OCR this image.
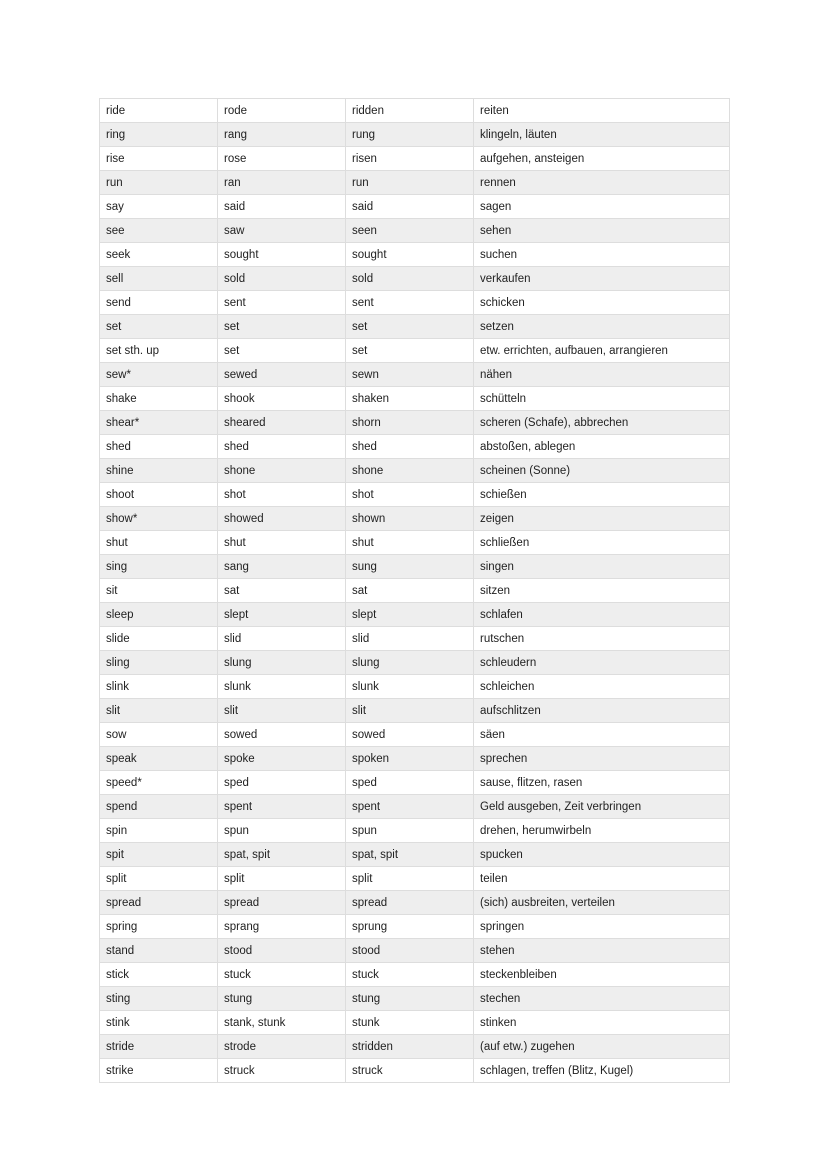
ride	rode	ridden	reiten
ring	rang	rung	klingeln, läuten
rise	rose	risen	aufgehen, ansteigen
run	ran	run	rennen
say	said	said	sagen
see	saw	seen	sehen
seek	sought	sought	suchen
sell	sold	sold	verkaufen
send	sent	sent	schicken
set	set	set	setzen
set sth. up	set	set	etw. errichten, aufbauen, arrangieren
sew*	sewed	sewn	nähen
shake	shook	shaken	schütteln
shear*	sheared	shorn	scheren (Schafe), abbrechen
shed	shed	shed	abstoßen, ablegen
shine	shone	shone	scheinen (Sonne)
shoot	shot	shot	schießen
show*	showed	shown	zeigen
shut	shut	shut	schließen
sing	sang	sung	singen
sit	sat	sat	sitzen
sleep	slept	slept	schlafen
slide	slid	slid	rutschen
sling	slung	slung	schleudern
slink	slunk	slunk	schleichen
slit	slit	slit	aufschlitzen
sow	sowed	sowed	säen
speak	spoke	spoken	sprechen
speed*	sped	sped	sause, flitzen, rasen
spend	spent	spent	Geld ausgeben, Zeit verbringen
spin	spun	spun	drehen, herumwirbeln
spit	spat, spit	spat, spit	spucken
split	split	split	teilen
spread	spread	spread	(sich) ausbreiten, verteilen
spring	sprang	sprung	springen
stand	stood	stood	stehen
stick	stuck	stuck	steckenbleiben
sting	stung	stung	stechen
stink	stank, stunk	stunk	stinken
stride	strode	stridden	(auf etw.) zugehen
strike	struck	struck	schlagen, treffen (Blitz, Kugel)
